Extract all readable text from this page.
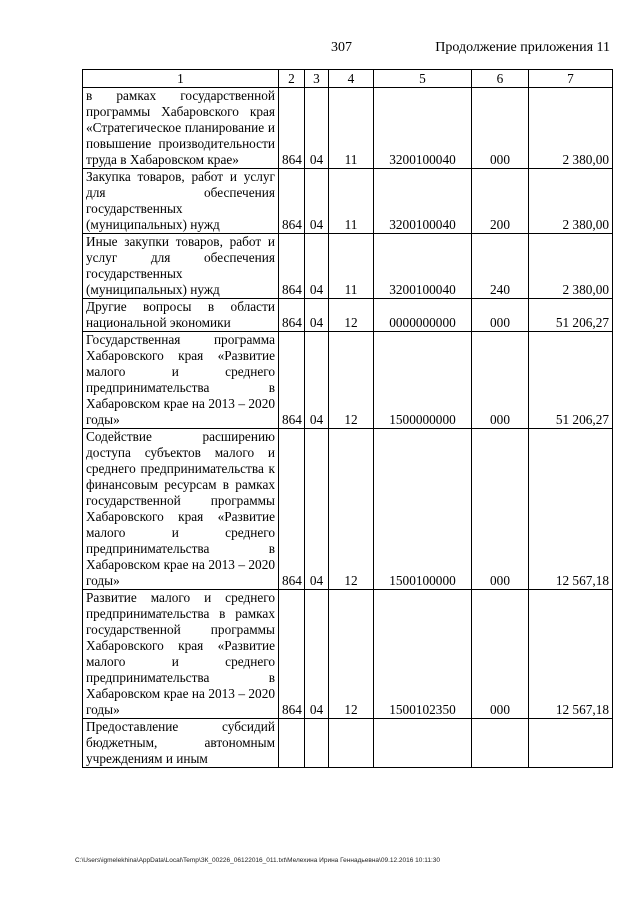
307	Продолжение приложения 11
1	2	3	4	5	6	7
в рамках государственной программы Хабаровского края «Стратегическое планирование и повышение производительности труда в Хабаровском крае»	864	04	11	3200100040	000	2 380,00
Закупка товаров, работ и услуг для обеспечения государственных (муниципальных) нужд	864	04	11	3200100040	200	2 380,00
Иные закупки товаров, работ и услуг для обеспечения государственных (муниципальных) нужд	864	04	11	3200100040	240	2 380,00
Другие вопросы в области национальной экономики	864	04	12	0000000000	000	51 206,27
Государственная программа Хабаровского края «Развитие малого и среднего предпринимательства в Хабаровском крае на 2013 – 2020 годы»	864	04	12	1500000000	000	51 206,27
Содействие расширению доступа субъектов малого и среднего предпринимательства к финансовым ресурсам в рамках государственной программы Хабаровского края «Развитие малого и среднего предпринимательства в Хабаровском крае на 2013 – 2020 годы»	864	04	12	1500100000	000	12 567,18
Развитие малого и среднего предпринимательства в рамках государственной программы Хабаровского края «Развитие малого и среднего предпринимательства в Хабаровском крае на 2013 – 2020 годы»	864	04	12	1500102350	000	12 567,18
Предоставление субсидий бюджетным, автономным учреждениям и иным						
C:\Users\igmelekhina\AppData\Local\Temp\ЗК_00226_06122016_011.txt\Мелехина Ирина Геннадьевна\09.12.2016 10:11:30
